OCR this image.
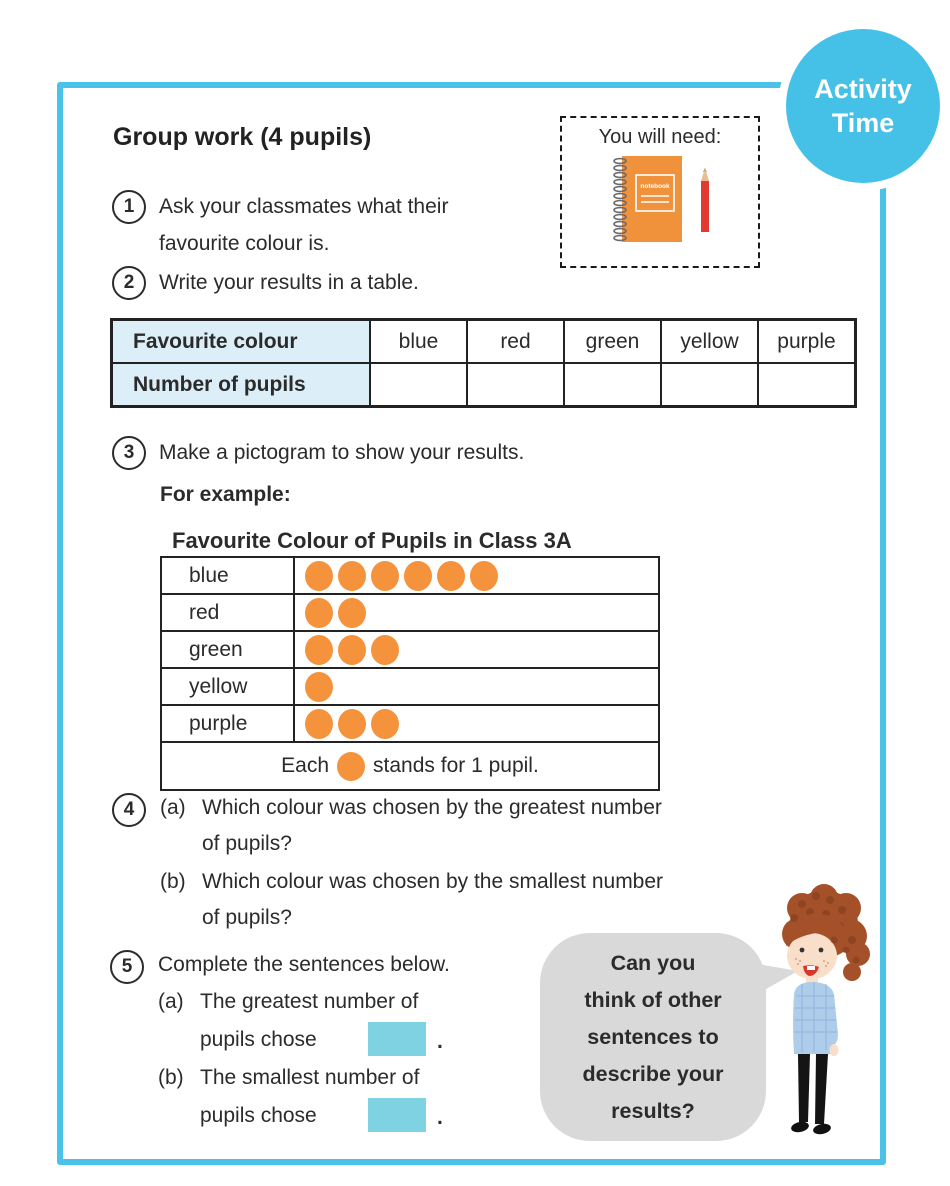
Activity
Time
Group work (4 pupils)	You will need:
notebook
1	Ask your classmates what their
favourite colour is.
2	Write your results in a table.
Favourite colour	blue	red	green	yellow	purple
Number of pupils
3	Make a pictogram to show your results.
For example:
Favourite Colour of Pupils in Class 3A
blue
red
green
yellow
purple
Each stands for 1 pupil.
4	(a) Which colour was chosen by the greatest number
of pupils?
(b) Which colour was chosen by the smallest number
of pupils?
5	Complete the sentences below.
(a) The greatest number of
pupils chose	.
(b) The smallest number of
pupils chose	.
Can you
think of other
sentences to
describe your
results?
